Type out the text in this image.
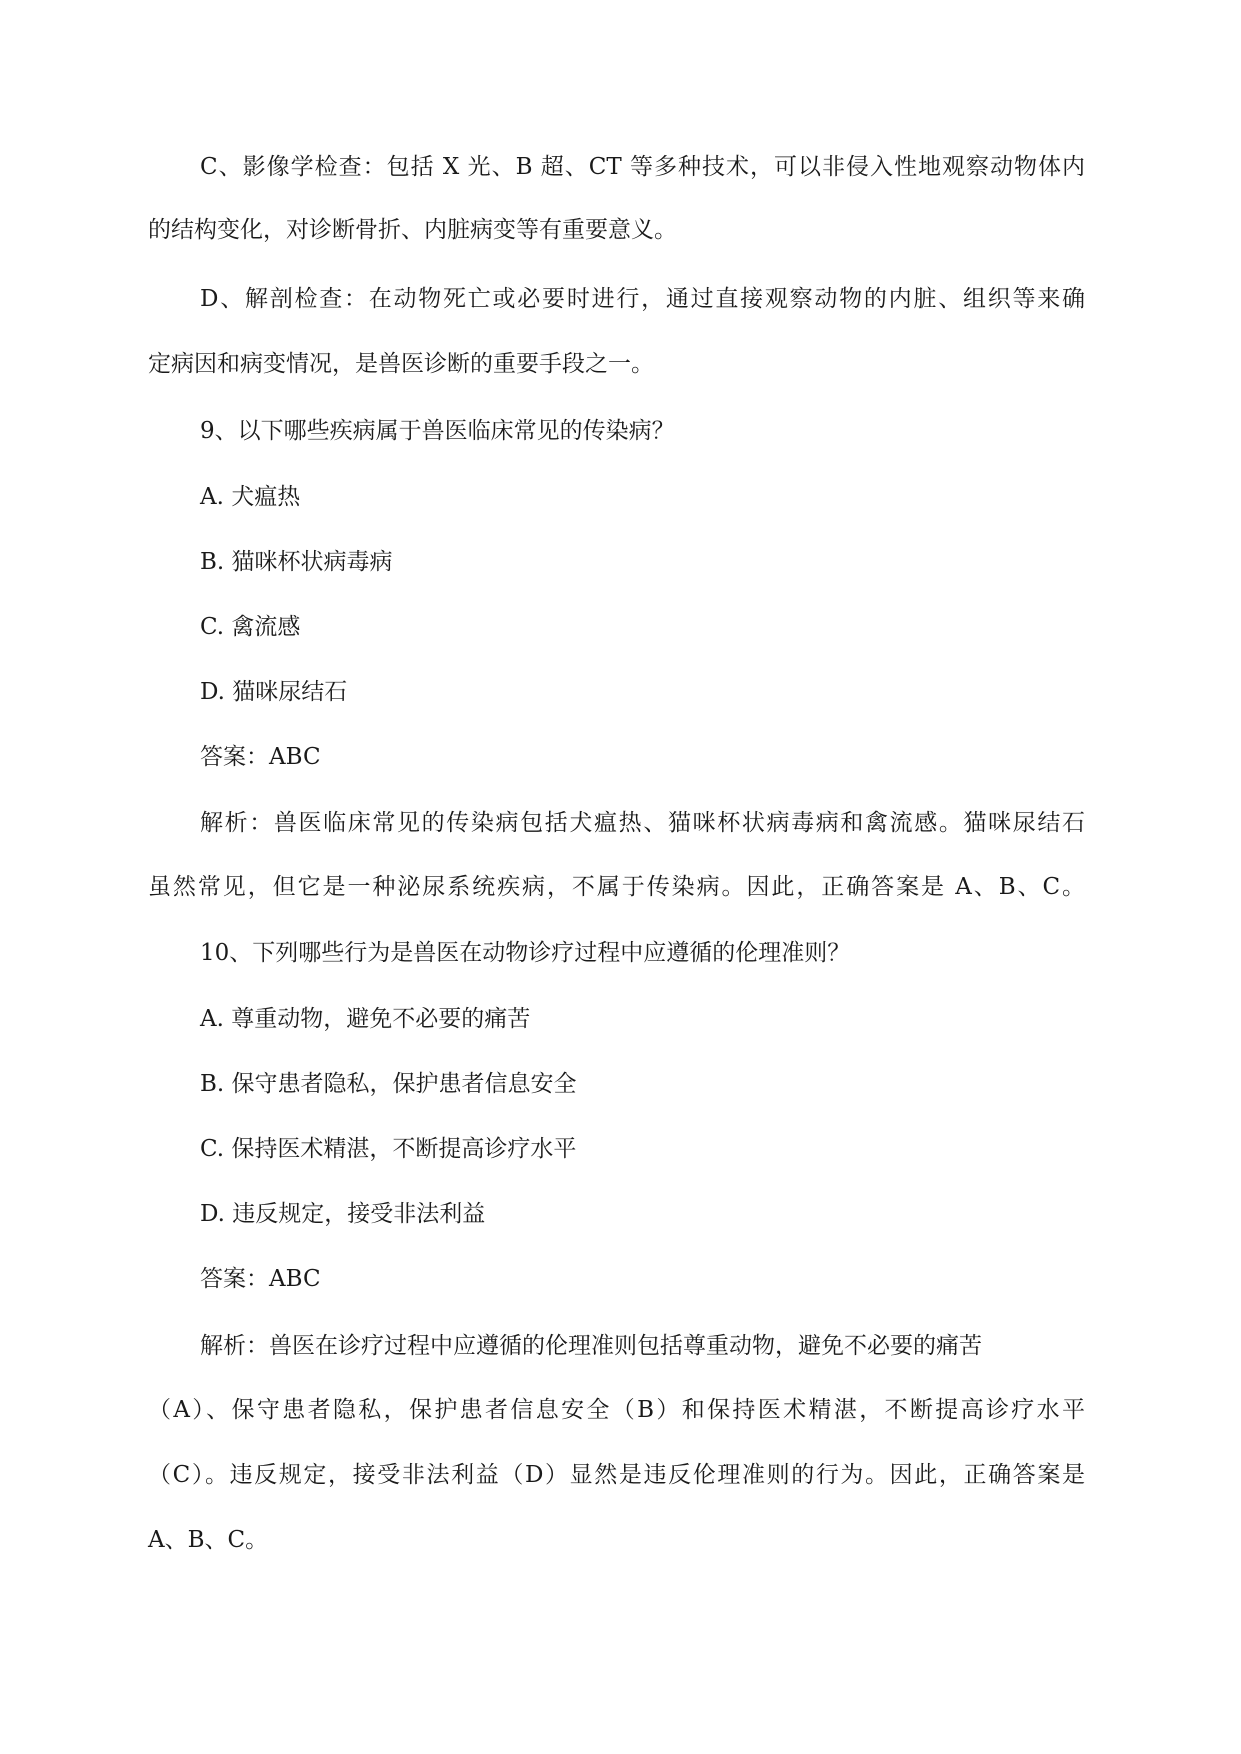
C、影像学检查：包括 X 光、B 超、CT 等多种技术，可以非侵入性地观察动物体内
的结构变化，对诊断骨折、内脏病变等有重要意义。
D、解剖检查：在动物死亡或必要时进行，通过直接观察动物的内脏、组织等来确
定病因和病变情况，是兽医诊断的重要手段之一。
9、以下哪些疾病属于兽医临床常见的传染病？
A. 犬瘟热
B. 猫咪杯状病毒病
C. 禽流感
D. 猫咪尿结石
答案：ABC
解析：兽医临床常见的传染病包括犬瘟热、猫咪杯状病毒病和禽流感。猫咪尿结石
虽然常见，但它是一种泌尿系统疾病，不属于传染病。因此，正确答案是 A、B、C。
10、下列哪些行为是兽医在动物诊疗过程中应遵循的伦理准则？
A. 尊重动物，避免不必要的痛苦
B. 保守患者隐私，保护患者信息安全
C. 保持医术精湛，不断提高诊疗水平
D. 违反规定，接受非法利益
答案：ABC
解析：兽医在诊疗过程中应遵循的伦理准则包括尊重动物，避免不必要的痛苦
（A）、保守患者隐私，保护患者信息安全（B）和保持医术精湛，不断提高诊疗水平
（C）。违反规定，接受非法利益（D）显然是违反伦理准则的行为。因此，正确答案是
A、B、C。
